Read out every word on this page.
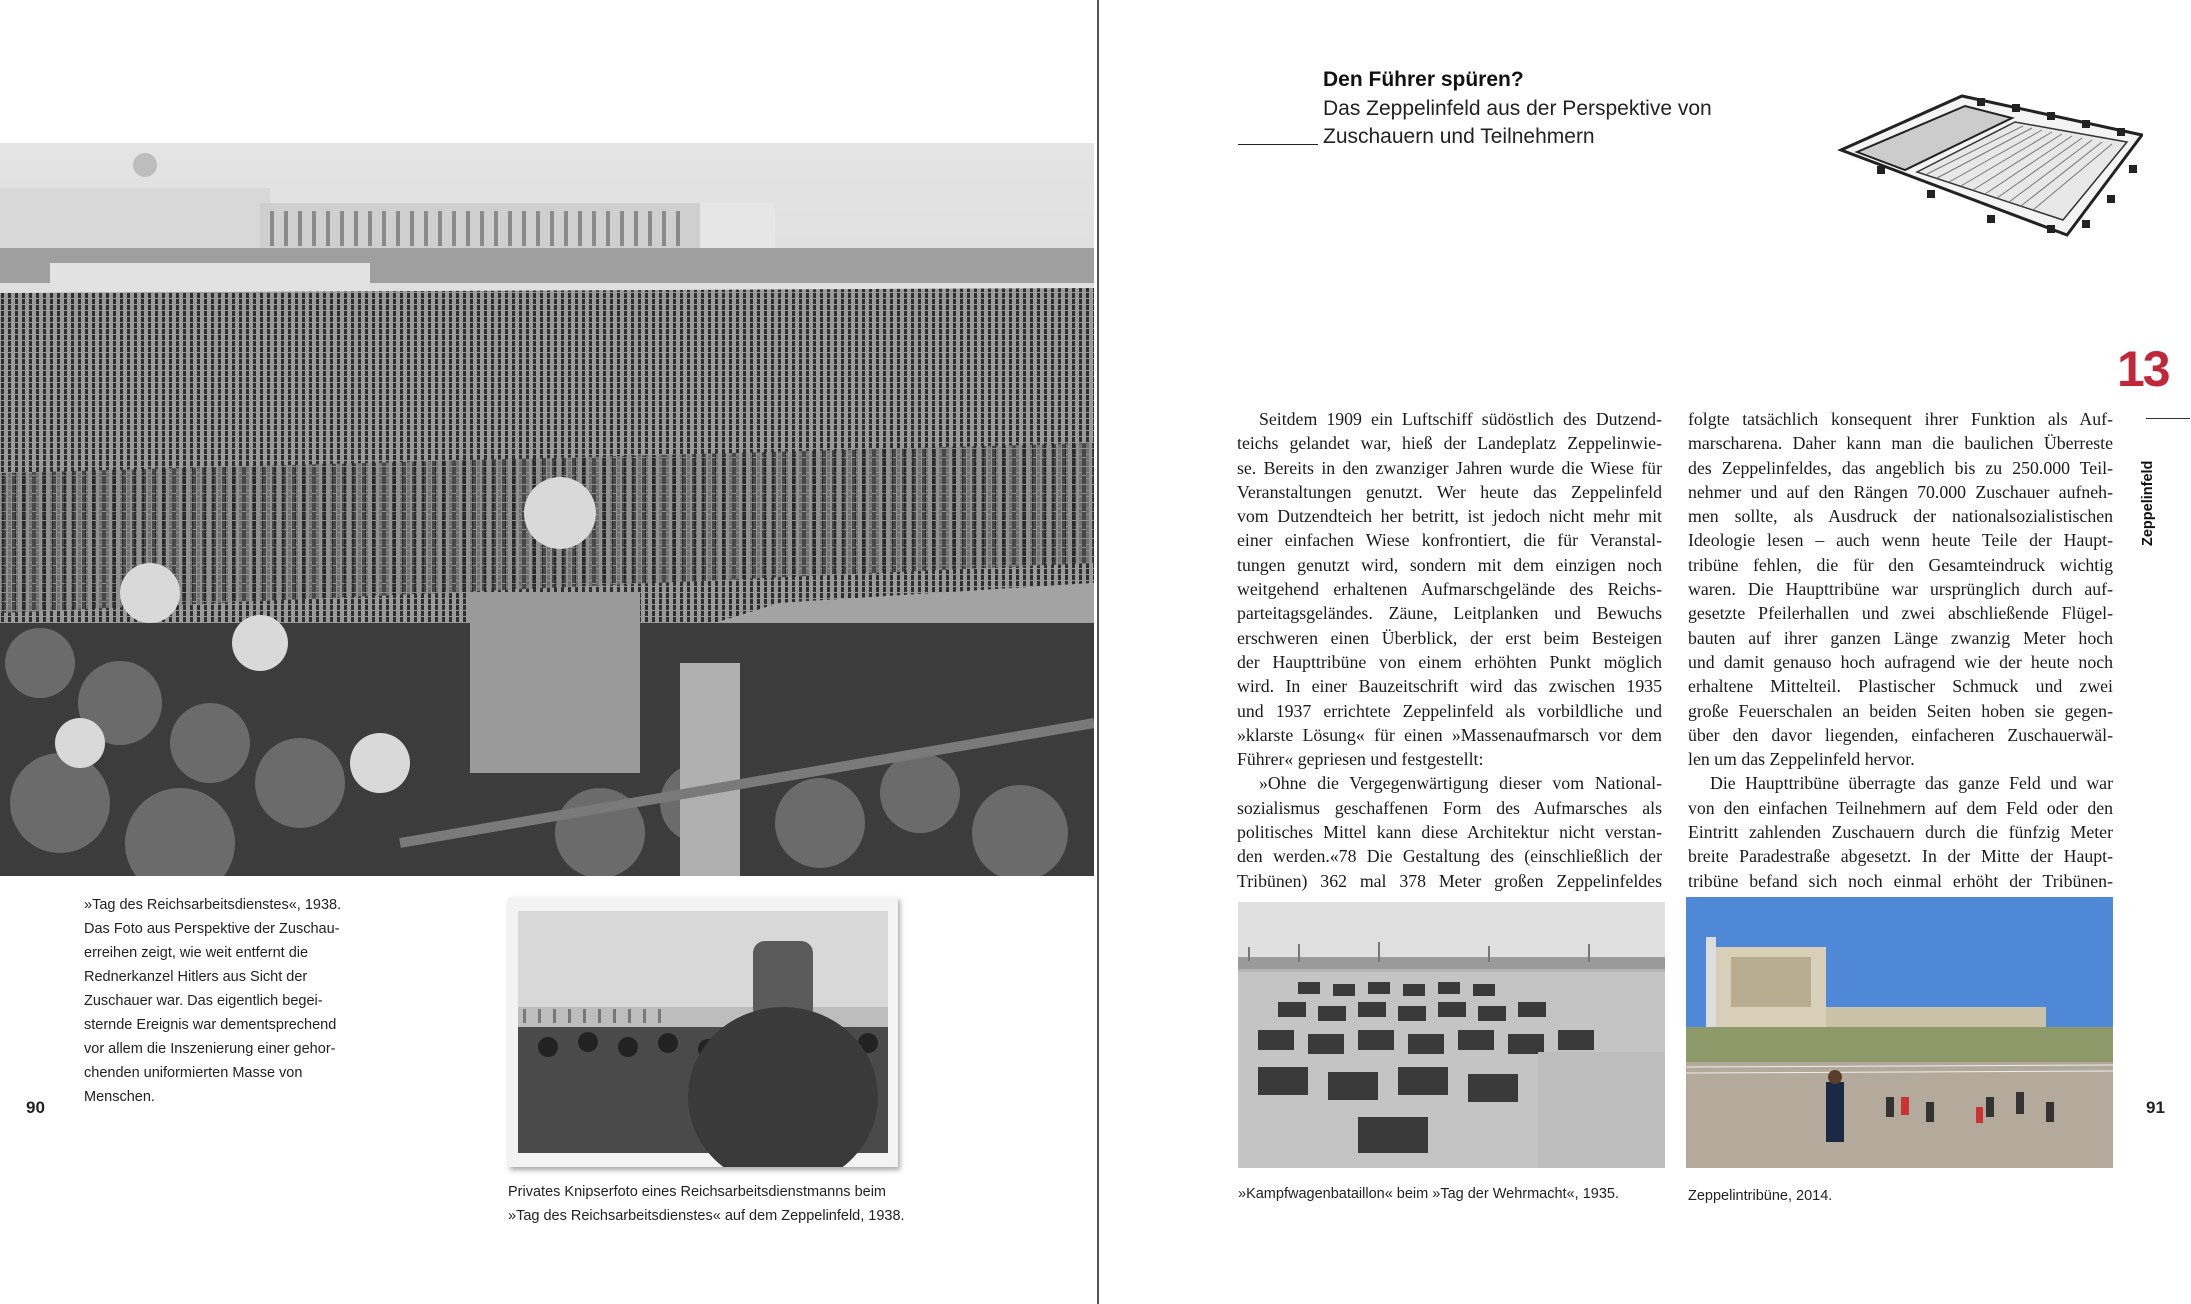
»Tag des Reichsarbeitsdienstes«, 1938.
Das Foto aus Perspektive der Zuschau-
erreihen zeigt, wie weit entfernt die
Rednerkanzel Hitlers aus Sicht der
Zuschauer war. Das eigentlich begei-
sternde Ereignis war dementsprechend
vor allem die Inszenierung einer gehor-
chenden uniformierten Masse von
Menschen.
90
Privates Knipserfoto eines Reichsarbeitsdienstmanns beim
»Tag des Reichsarbeitsdienstes« auf dem Zeppelinfeld, 1938.
Den Führer spüren?
Das Zeppelinfeld aus der Perspektive von
Zuschauern und Teilnehmern
13
Zeppelinfeld
Seitdem 1909 ein Luftschiff südöstlich des Dutzend-
teichs gelandet war, hieß der Landeplatz Zeppelinwie-
se. Bereits in den zwanziger Jahren wurde die Wiese für
Veranstaltungen genutzt. Wer heute das Zeppelinfeld
vom Dutzendteich her betritt, ist jedoch nicht mehr mit
einer einfachen Wiese konfrontiert, die für Veranstal-
tungen genutzt wird, sondern mit dem einzigen noch
weitgehend erhaltenen Aufmarschgelände des Reichs-
parteitagsgeländes. Zäune, Leitplanken und Bewuchs
erschweren einen Überblick, der erst beim Besteigen
der Haupttribüne von einem erhöhten Punkt möglich
wird. In einer Bauzeitschrift wird das zwischen 1935
und 1937 errichtete Zeppelinfeld als vorbildliche und
»klarste Lösung« für einen »Massenaufmarsch vor dem
Führer« gepriesen und festgestellt:
»Ohne die Vergegenwärtigung dieser vom National-
sozialismus geschaffenen Form des Aufmarsches als
politisches Mittel kann diese Architektur nicht verstan-
den werden.«78 Die Gestaltung des (einschließlich der
Tribünen) 362 mal 378 Meter großen Zeppelinfeldes
folgte tatsächlich konsequent ihrer Funktion als Auf-
marscharena. Daher kann man die baulichen Überreste
des Zeppelinfeldes, das angeblich bis zu 250.000 Teil-
nehmer und auf den Rängen 70.000 Zuschauer aufneh-
men sollte, als Ausdruck der nationalsozialistischen
Ideologie lesen – auch wenn heute Teile der Haupt-
tribüne fehlen, die für den Gesamteindruck wichtig
waren. Die Haupttribüne war ursprünglich durch auf-
gesetzte Pfeilerhallen und zwei abschließende Flügel-
bauten auf ihrer ganzen Länge zwanzig Meter hoch
und damit genauso hoch aufragend wie der heute noch
erhaltene Mittelteil. Plastischer Schmuck und zwei
große Feuerschalen an beiden Seiten hoben sie gegen-
über den davor liegenden, einfacheren Zuschauerwäl-
len um das Zeppelinfeld hervor.
Die Haupttribüne überragte das ganze Feld und war
von den einfachen Teilnehmern auf dem Feld oder den
Eintritt zahlenden Zuschauern durch die fünfzig Meter
breite Paradestraße abgesetzt. In der Mitte der Haupt-
tribüne befand sich noch einmal erhöht der Tribünen-
»Kampfwagenbataillon« beim »Tag der Wehrmacht«, 1935.	Zeppelintribüne, 2014.
91
